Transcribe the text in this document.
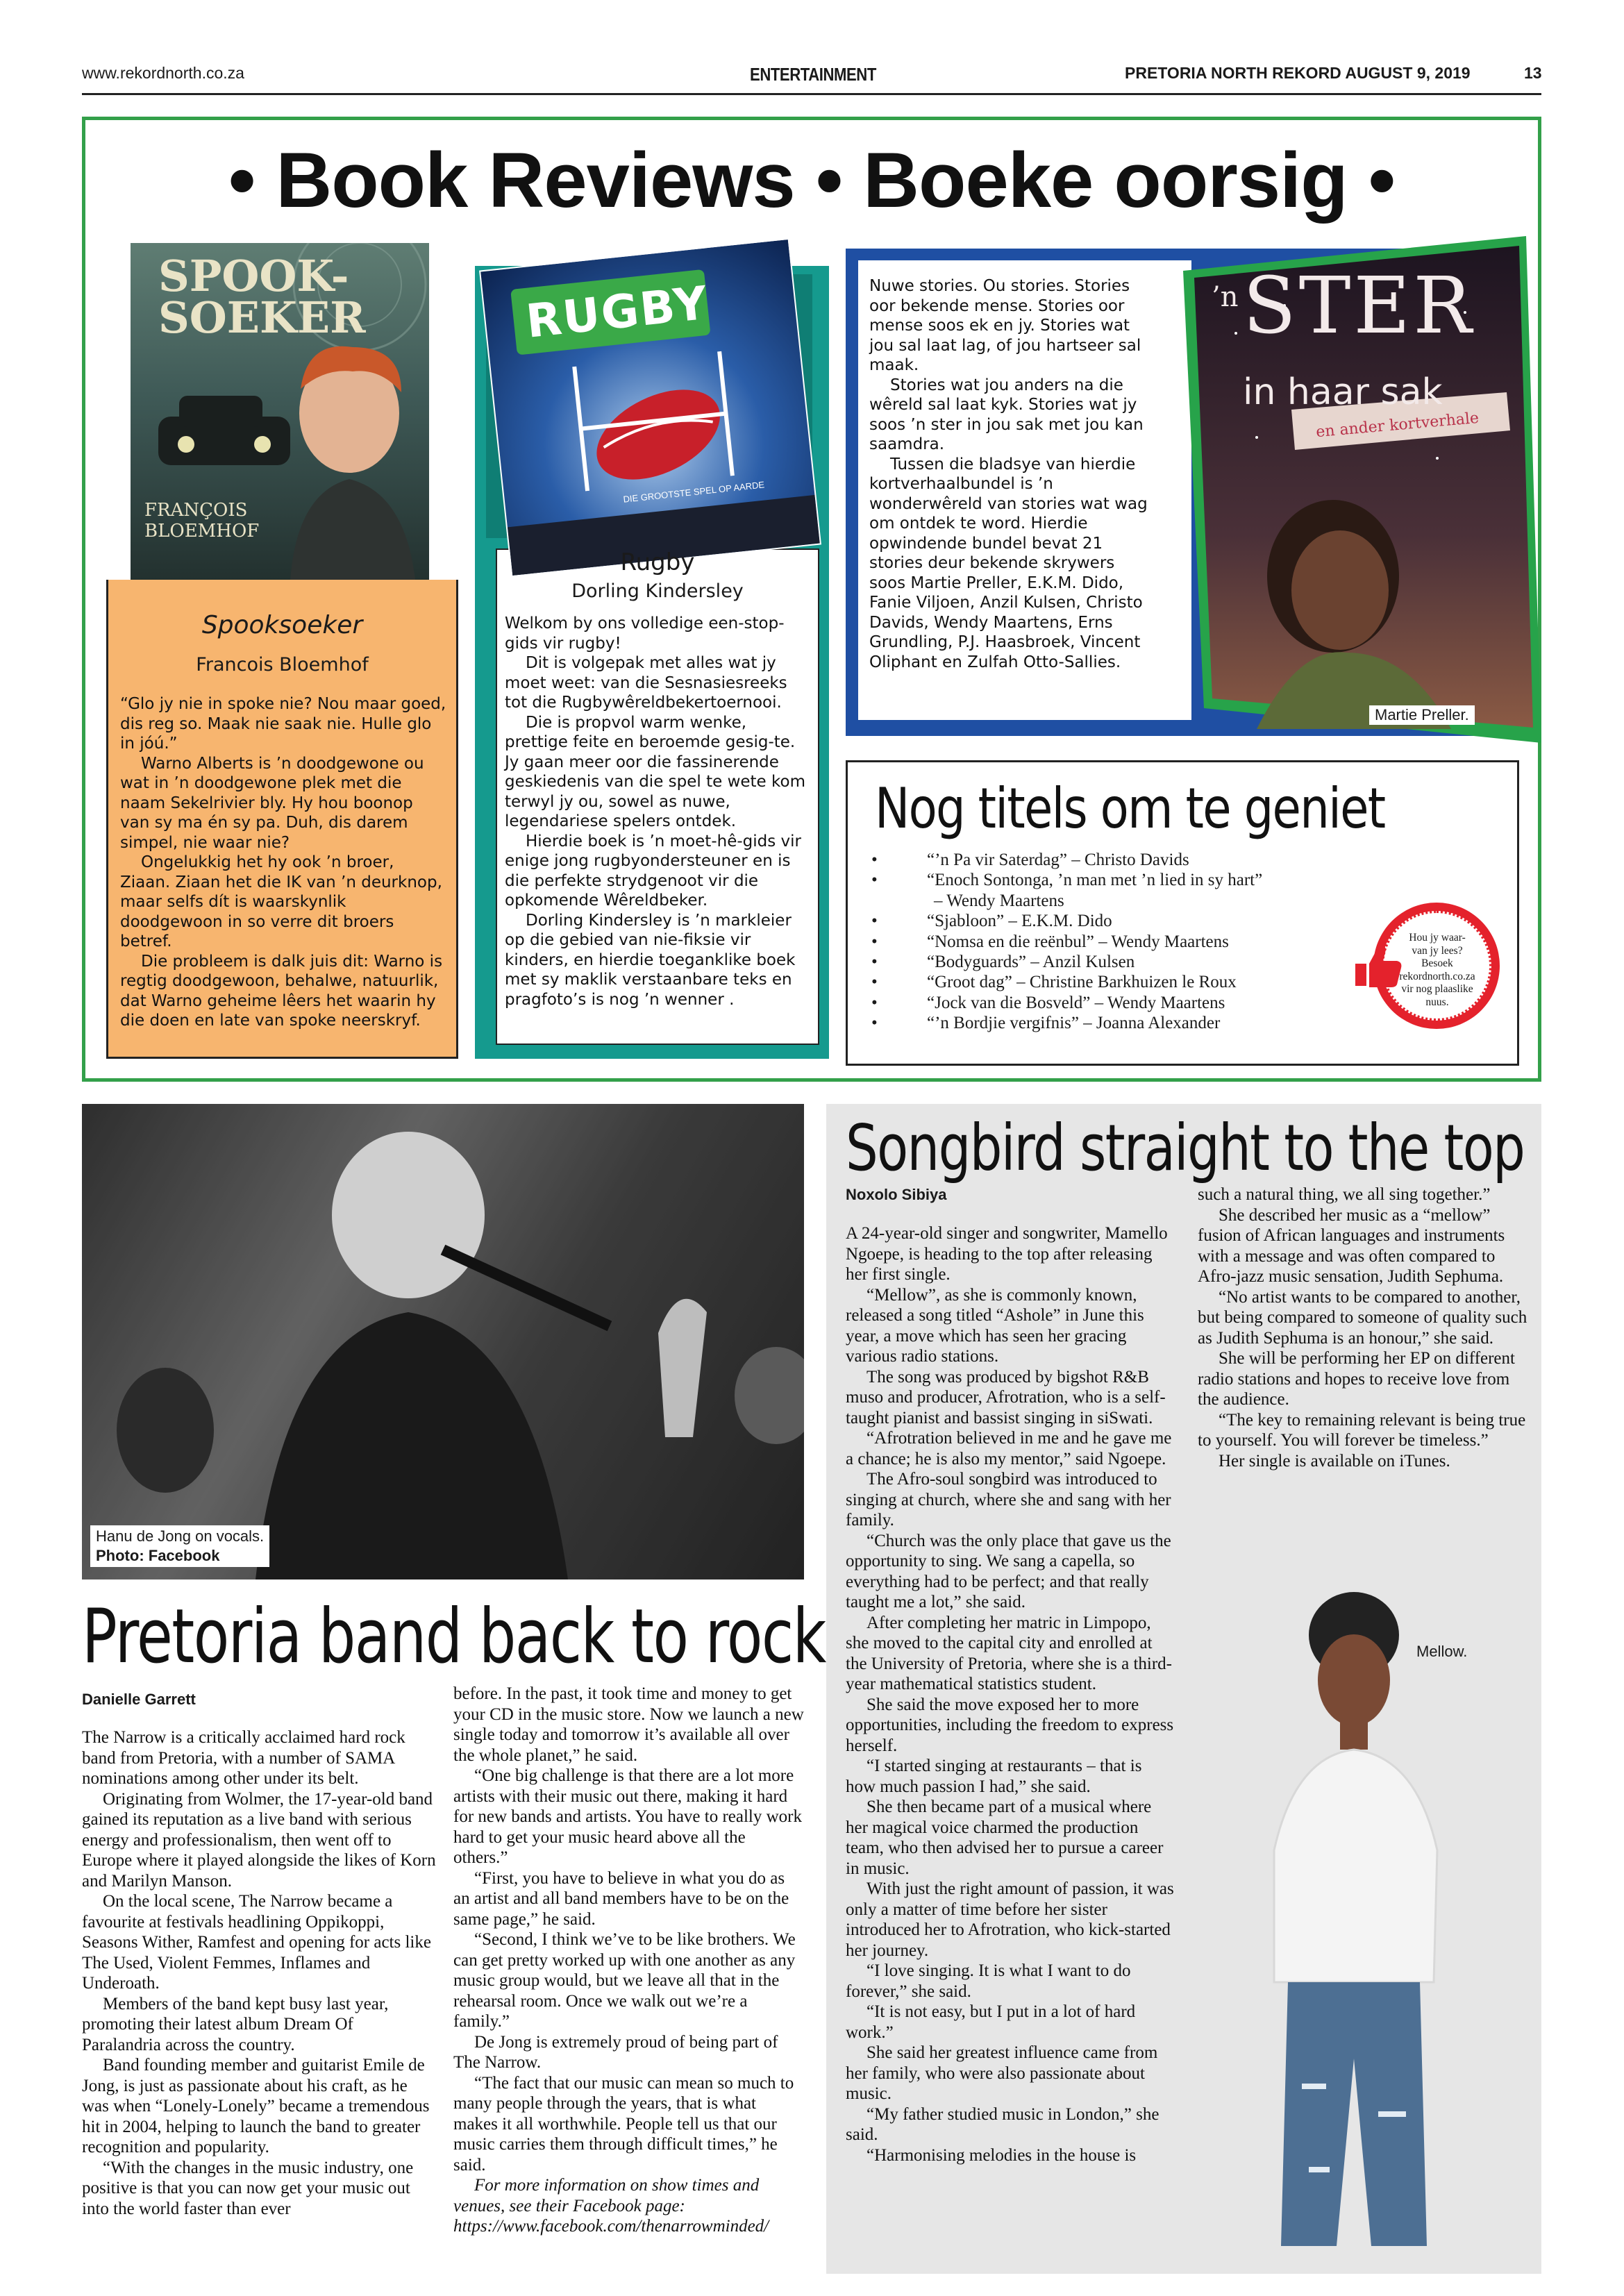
www.rekordnorth.co.za	ENTERTAINMENT	PRETORIA NORTH REKORD AUGUST 9, 2019	13
• Book Reviews • Boeke oorsig •
SPOOK-SOEKER
FRANÇOIS BLOEMHOF
Spooksoeker
Francois Bloemhof

“Glo jy nie in spoke nie? Nou maar goed, dis reg so. Maak nie saak nie. Hulle glo in jóú.”

Warno Alberts is ’n doodgewone ou wat in ’n doodgewone plek met die naam Sekelrivier bly. Hy hou boonop van sy ma én sy pa. Duh, dis darem simpel, nie waar nie?

Ongelukkig het hy ook ’n broer, Ziaan. Ziaan het die IK van ’n deurknop, maar selfs dít is waarskynlik doodgewoon in so verre dit broers betref.

Die probleem is dalk juis dit: Warno is regtig doodgewoon, behalwe, natuurlik, dat Warno geheime lêers het waarin hy die doen en late van spoke neerskryf.

RUGBY
DIE GROOTSTE SPEL OP AARDE
Rugby
Dorling Kindersley

Welkom by ons volledige een-stop-gids vir rugby!

Dit is volgepak met alles wat jy moet weet: van die Sesnasiesreeks tot die Rugbywêreldbekertoernooi.

Die is propvol warm wenke, prettige feite en beroemde gesig-te. Jy gaan meer oor die fassinerende geskiedenis van die spel te wete kom terwyl jy ou, sowel as nuwe, legendariese spelers ontdek.

Hierdie boek is ’n moet-hê-gids vir enige jong rugbyondersteuner en is die perfekte strydgenoot vir die opkomende Wêreldbeker.

Dorling Kindersley is ’n markleier op die gebied van nie-fiksie vir kinders, en hierdie toeganklike boek met sy maklik verstaanbare teks en pragfoto’s is nog ’n wenner .

Nuwe stories. Ou stories. Stories oor bekende mense. Stories oor mense soos ek en jy. Stories wat jou sal laat lag, of jou hartseer sal maak.

Stories wat jou anders na die wêreld sal laat kyk. Stories wat jy soos ’n ster in jou sak met jou kan saamdra.

Tussen die bladsye van hierdie kortverhaalbundel is ’n wonderwêreld van stories wat wag om ontdek te word. Hierdie opwindende bundel bevat 21 stories deur bekende skrywers soos Martie Preller, E.K.M. Dido, Fanie Viljoen, Anzil Kulsen, Christo Davids, Wendy Maartens, Erns Grundling, P.J. Haasbroek, Vincent Oliphant en Zulfah Otto-Sallies.

’n STER
in haar sak
en ander kortverhale
Martie Preller.
Nog titels om te geniet
•	“’n Pa vir Saterdag” – Christo Davids
•	“Enoch Sontonga, ’n man met ’n lied in sy hart”
– Wendy Maartens
•	“Sjabloon” – E.K.M. Dido
•	“Nomsa en die reënbul” – Wendy Maartens
•	“Bodyguards” – Anzil Kulsen
•	“Groot dag” – Christine Barkhuizen le Roux
•	“Jock van die Bosveld” – Wendy Maartens
•	“’n Bordjie vergifnis” – Joanna Alexander
Hou jy waar-
van jy lees?
Besoek
rekordnorth.co.za
vir nog plaaslike
nuus.
Hanu de Jong on vocals.
Photo: Facebook
Pretoria band back to rock
Danielle Garrett

The Narrow is a critically acclaimed hard rock band from Pretoria, with a number of SAMA nominations among other under its belt.

Originating from Wolmer, the 17-year-old band gained its reputation as a live band with serious energy and professionalism, then went off to Europe where it played alongside the likes of Korn and Marilyn Manson.

On the local scene, The Narrow became a favourite at festivals headlining Oppikoppi, Seasons Wither, Ramfest and opening for acts like The Used, Violent Femmes, Inflames and Underoath.

Members of the band kept busy last year, promoting their latest album Dream Of Paralandria across the country.

Band founding member and guitarist Emile de Jong, is just as passionate about his craft, as he was when “Lonely-Lonely” became a tremendous hit in 2004, helping to launch the band to greater recognition and popularity.

“With the changes in the music industry, one positive is that you can now get your music out into the world faster than ever

before. In the past, it took time and money to get your CD in the music store. Now we launch a new single today and tomorrow it’s available all over the whole planet,” he said.

“One big challenge is that there are a lot more artists with their music out there, making it hard for new bands and artists. You have to really work hard to get your music heard above all the others.”

“First, you have to believe in what you do as an artist and all band members have to be on the same page,” he said.

“Second, I think we’ve to be like brothers. We can get pretty worked up with one another as any music group would, but we leave all that in the rehearsal room. Once we walk out we’re a family.”

De Jong is extremely proud of being part of The Narrow.

“The fact that our music can mean so much to many people through the years, that is what makes it all worthwhile. People tell us that our music carries them through difficult times,” he said.

For more information on show times and venues, see their Facebook page: https://www.facebook.com/thenarrowminded/

Songbird straight to the top
Noxolo Sibiya

A 24-year-old singer and songwriter, Mamello Ngoepe, is heading to the top after releasing her first single.

“Mellow”, as she is commonly known, released a song titled “Ashole” in June this year, a move which has seen her gracing various radio stations.

The song was produced by bigshot R&B muso and producer, Afrotration, who is a self-taught pianist and bassist singing in siSwati.

“Afrotration believed in me and he gave me a chance; he is also my mentor,” said Ngoepe.

The Afro-soul songbird was introduced to singing at church, where she and sang with her family.

“Church was the only place that gave us the opportunity to sing. We sang a capella, so everything had to be perfect; and that really taught me a lot,” she said.

After completing her matric in Limpopo, she moved to the capital city and enrolled at the University of Pretoria, where she is a third-year mathematical statistics student.

She said the move exposed her to more opportunities, including the freedom to express herself.

“I started singing at restaurants – that is how much passion I had,” she said.

She then became part of a musical where her magical voice charmed the production team, who then advised her to pursue a career in music.

With just the right amount of passion, it was only a matter of time before her sister introduced her to Afrotration, who kick-started her journey.

“I love singing. It is what I want to do forever,” she said.

“It is not easy, but I put in a lot of hard work.”

She said her greatest influence came from her family, who were also passionate about music.

“My father studied music in London,” she said.

“Harmonising melodies in the house is

such a natural thing, we all sing together.”

She described her music as a “mellow” fusion of African languages and instruments with a message and was often compared to Afro-jazz music sensation, Judith Sephuma.

“No artist wants to be compared to another, but being compared to someone of quality such as Judith Sephuma is an honour,” she said.

She will be performing her EP on different radio stations and hopes to receive love from the audience.

“The key to remaining relevant is being true to yourself. You will forever be timeless.”

Her single is available on iTunes.

Mellow.
